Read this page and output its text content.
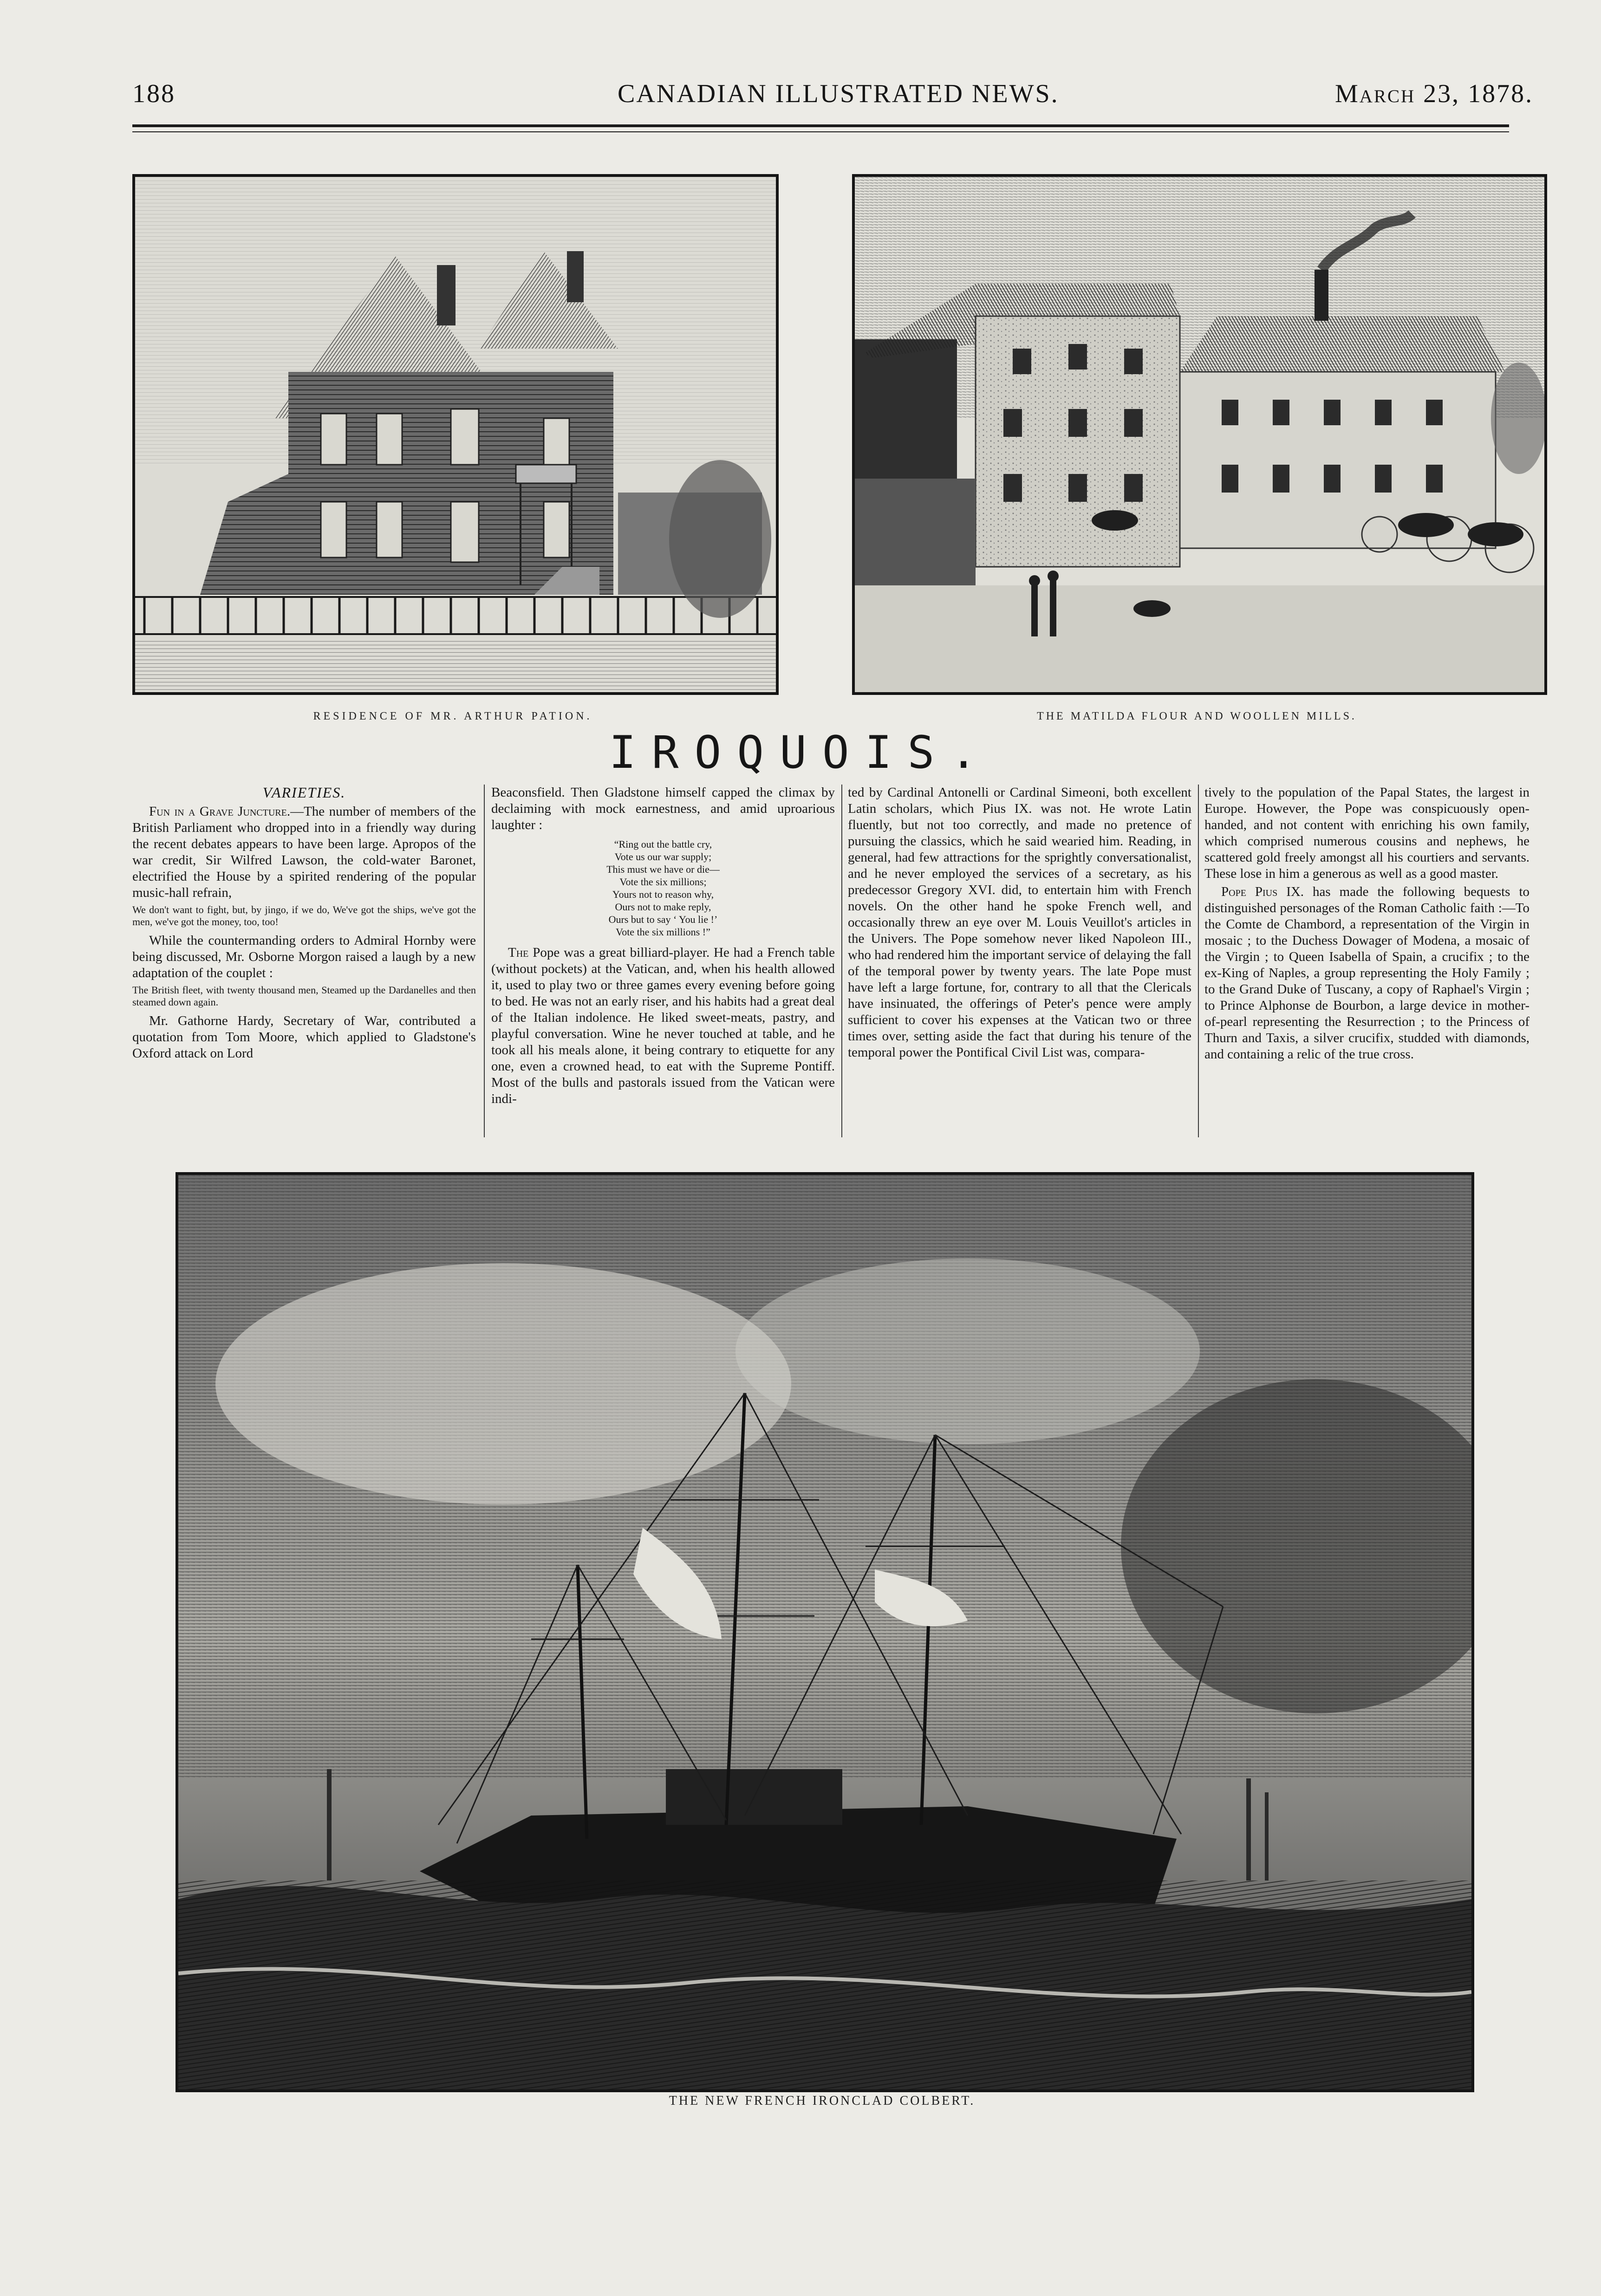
188	CANADIAN ILLUSTRATED NEWS.	March 23, 1878.
RESIDENCE OF MR. ARTHUR PATION.	THE MATILDA FLOUR AND WOOLLEN MILLS.
IROQUOIS.
VARIETIES.

Fun in a Grave Juncture.—The number of members of the British Parliament who dropped into in a friendly way during the recent debates appears to have been large. Apropos of the war credit, Sir Wilfred Lawson, the cold-water Baronet, electrified the House by a spirited rendering of the popular music-hall refrain,

We don't want to fight, but, by jingo, if we do, We've got the ships, we've got the men, we've got the money, too, too!

While the countermanding orders to Admiral Hornby were being discussed, Mr. Osborne Morgon raised a laugh by a new adaptation of the couplet :

The British fleet, with twenty thousand men, Steamed up the Dardanelles and then steamed down again.

Mr. Gathorne Hardy, Secretary of War, contributed a quotation from Tom Moore, which applied to Gladstone's Oxford attack on Lord

Beaconsfield. Then Gladstone himself capped the climax by declaiming with mock earnestness, and amid uproarious laughter :

“Ring out the battle cry,
Vote us our war supply;
This must we have or die—
Vote the six millions;
Yours not to reason why,
Ours not to make reply,
Ours but to say ‘ You lie !’
Vote the six millions !”

The Pope was a great billiard-player. He had a French table (without pockets) at the Vatican, and, when his health allowed it, used to play two or three games every evening before going to bed. He was not an early riser, and his habits had a great deal of the Italian indolence. He liked sweet-meats, pastry, and playful conversation. Wine he never touched at table, and he took all his meals alone, it being contrary to etiquette for any one, even a crowned head, to eat with the Supreme Pontiff. Most of the bulls and pastorals issued from the Vatican were indi-

ted by Cardinal Antonelli or Cardinal Simeoni, both excellent Latin scholars, which Pius IX. was not. He wrote Latin fluently, but not too correctly, and made no pretence of pursuing the classics, which he said wearied him. Reading, in general, had few attractions for the sprightly conversationalist, and he never employed the services of a secretary, as his predecessor Gregory XVI. did, to entertain him with French novels. On the other hand he spoke French well, and occasionally threw an eye over M. Louis Veuillot's articles in the Univers. The Pope somehow never liked Napoleon III., who had rendered him the important service of delaying the fall of the temporal power by twenty years. The late Pope must have left a large fortune, for, contrary to all that the Clericals have insinuated, the offerings of Peter's pence were amply sufficient to cover his expenses at the Vatican two or three times over, setting aside the fact that during his tenure of the temporal power the Pontifical Civil List was, compara-

tively to the population of the Papal States, the largest in Europe. However, the Pope was conspicuously open-handed, and not content with enriching his own family, which comprised numerous cousins and nephews, he scattered gold freely amongst all his courtiers and servants. These lose in him a generous as well as a good master.

Pope Pius IX. has made the following bequests to distinguished personages of the Roman Catholic faith :—To the Comte de Chambord, a representation of the Virgin in mosaic ; to the Duchess Dowager of Modena, a mosaic of the Virgin ; to Queen Isabella of Spain, a crucifix ; to the ex-King of Naples, a group representing the Holy Family ; to the Grand Duke of Tuscany, a copy of Raphael's Virgin ; to Prince Alphonse de Bourbon, a large device in mother-of-pearl representing the Resurrection ; to the Princess of Thurn and Taxis, a silver crucifix, studded with diamonds, and containing a relic of the true cross.

THE NEW FRENCH IRONCLAD COLBERT.
